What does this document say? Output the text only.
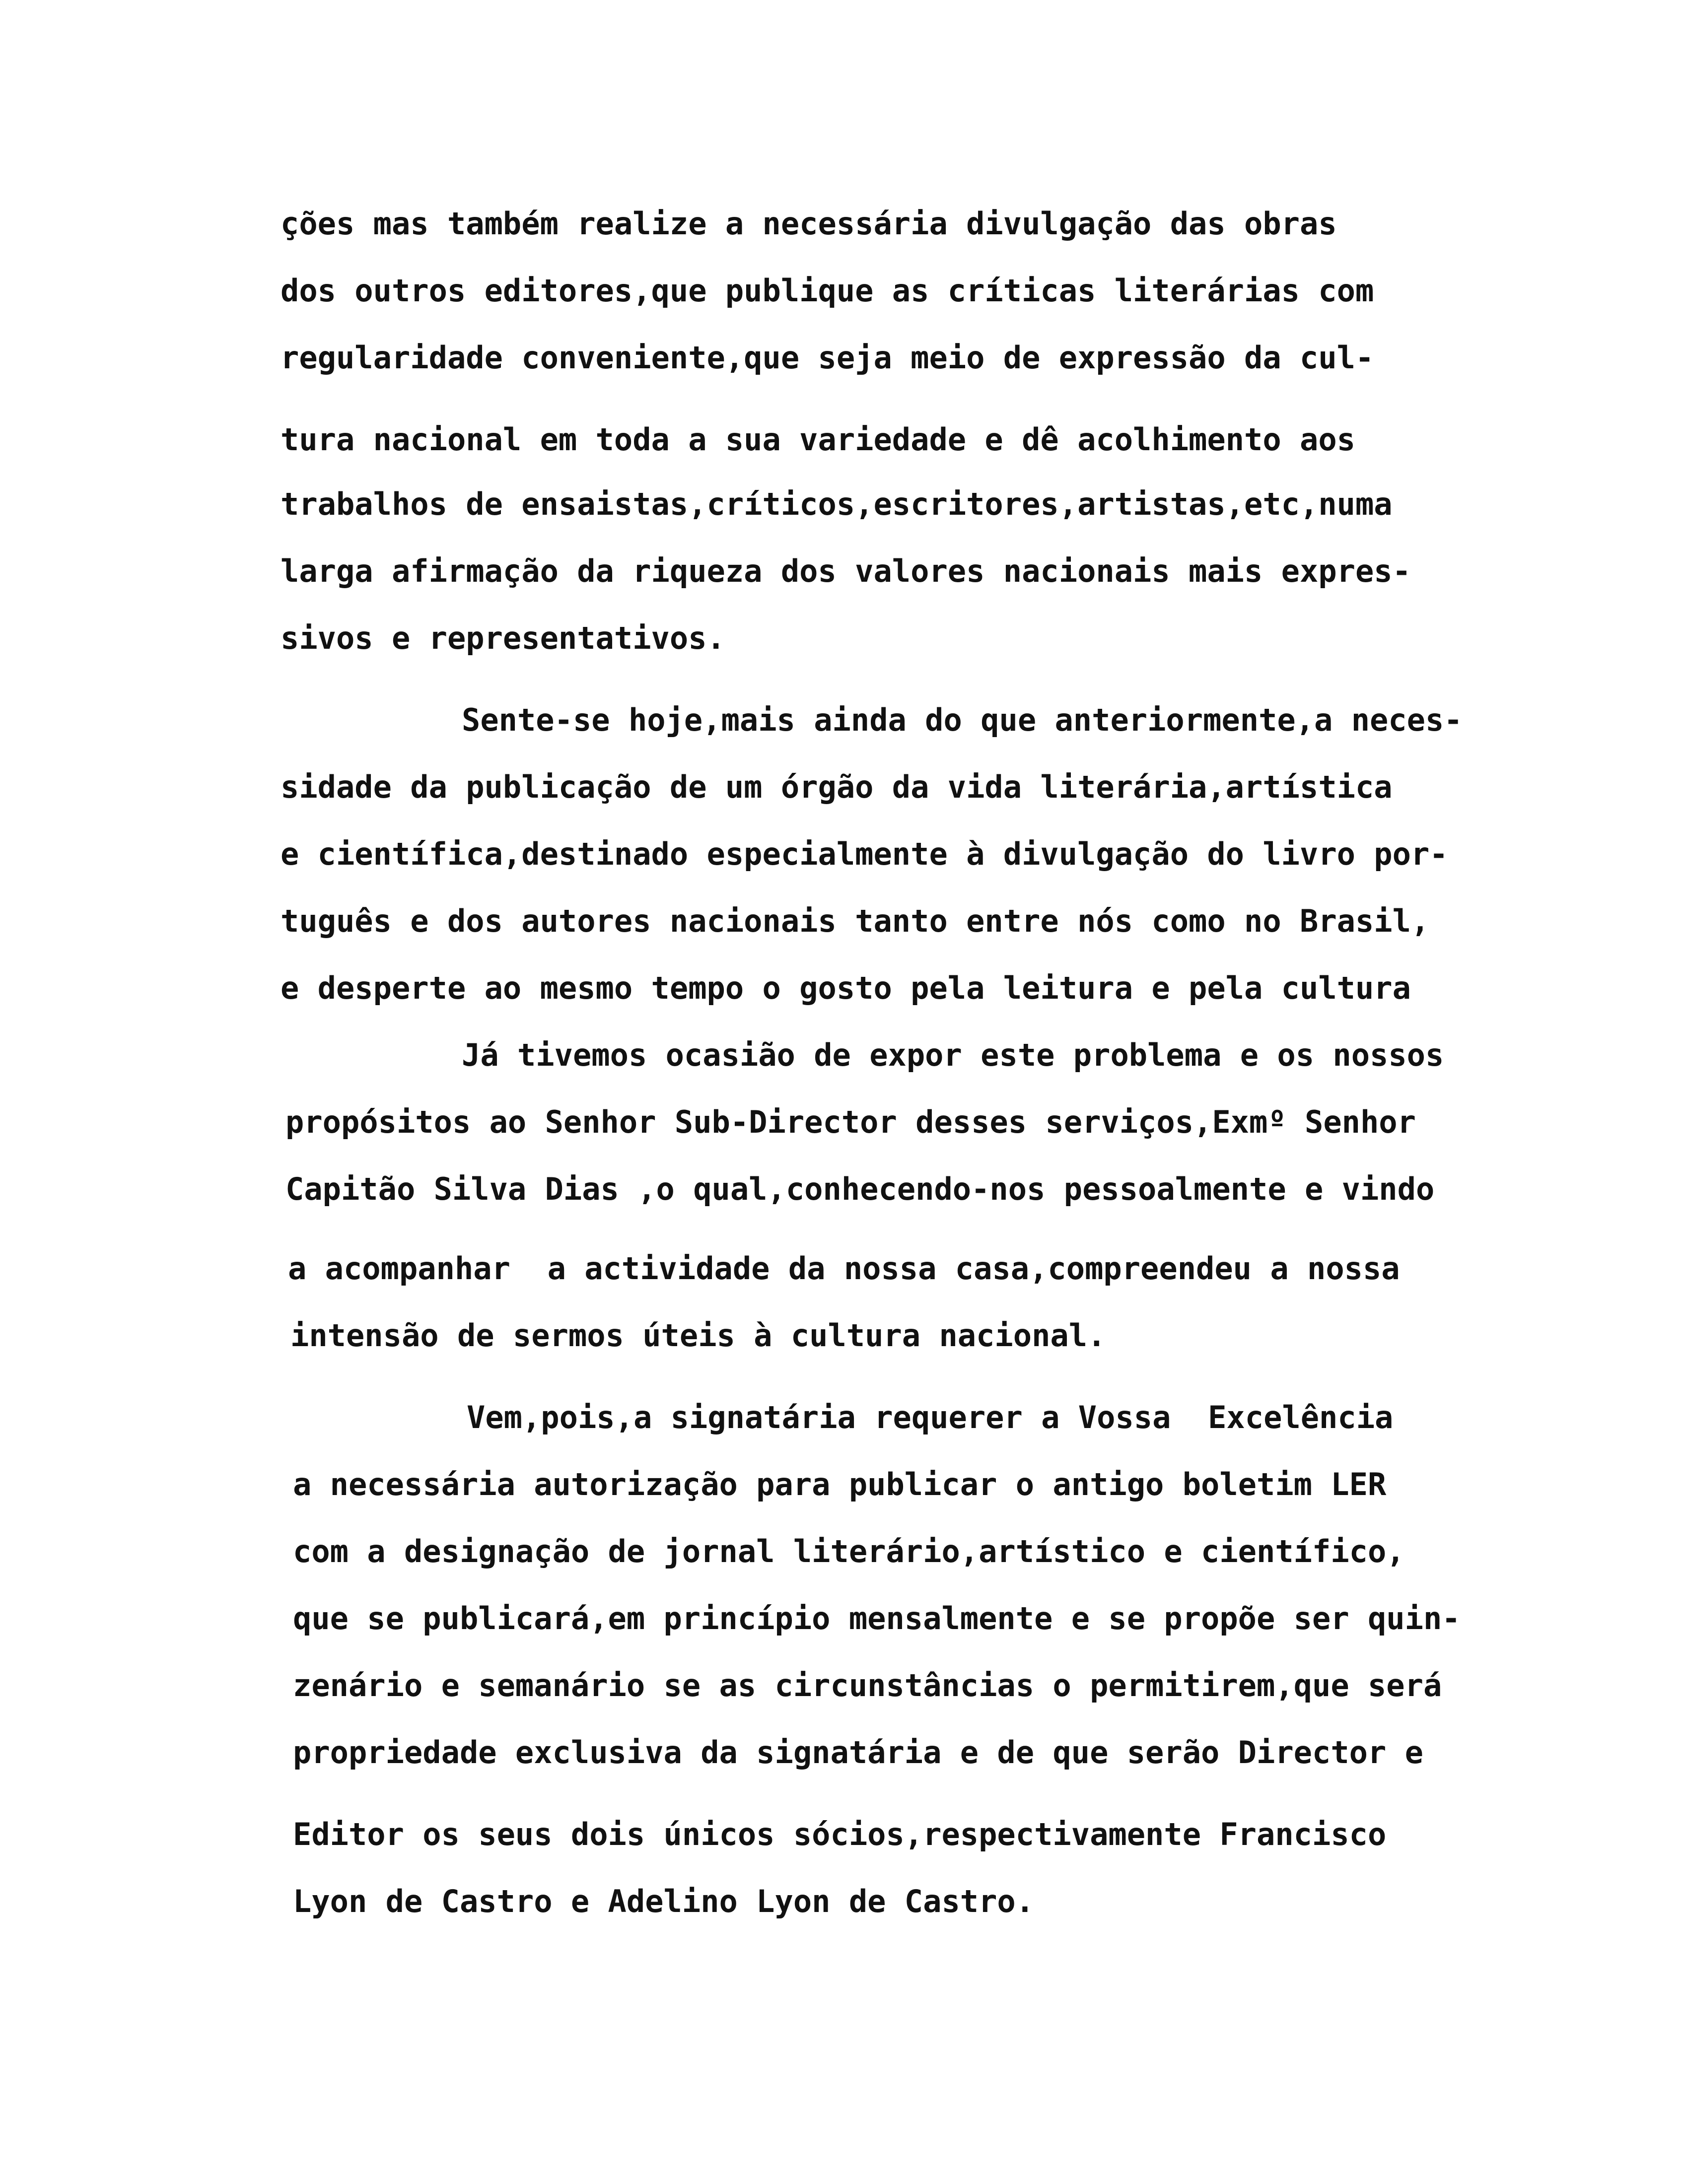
ções mas também realize a necessária divulgação das obras
dos outros editores,que publique as críticas literárias com
regularidade conveniente,que seja meio de expressão da cul-
tura nacional em toda a sua variedade e dê acolhimento aos
trabalhos de ensaistas,críticos,escritores,artistas,etc,numa
larga afirmação da riqueza dos valores nacionais mais expres-
sivos e representativos.
Sente-se hoje,mais ainda do que anteriormente,a neces-
sidade da publicação de um órgão da vida literária,artística
e científica,destinado especialmente à divulgação do livro por-
tuguês e dos autores nacionais tanto entre nós como no Brasil,
e desperte ao mesmo tempo o gosto pela leitura e pela cultura
Já tivemos ocasião de expor este problema e os nossos
propósitos ao Senhor Sub-Director desses serviços,Exmº Senhor
Capitão Silva Dias ,o qual,conhecendo-nos pessoalmente e vindo
a acompanhar  a actividade da nossa casa,compreendeu a nossa
intensão de sermos úteis à cultura nacional.
Vem,pois,a signatária requerer a Vossa  Excelência
a necessária autorização para publicar o antigo boletim LER
com a designação de jornal literário,artístico e científico,
que se publicará,em princípio mensalmente e se propõe ser quin-
zenário e semanário se as circunstâncias o permitirem,que será
propriedade exclusiva da signatária e de que serão Director e
Editor os seus dois únicos sócios,respectivamente Francisco
Lyon de Castro e Adelino Lyon de Castro.
